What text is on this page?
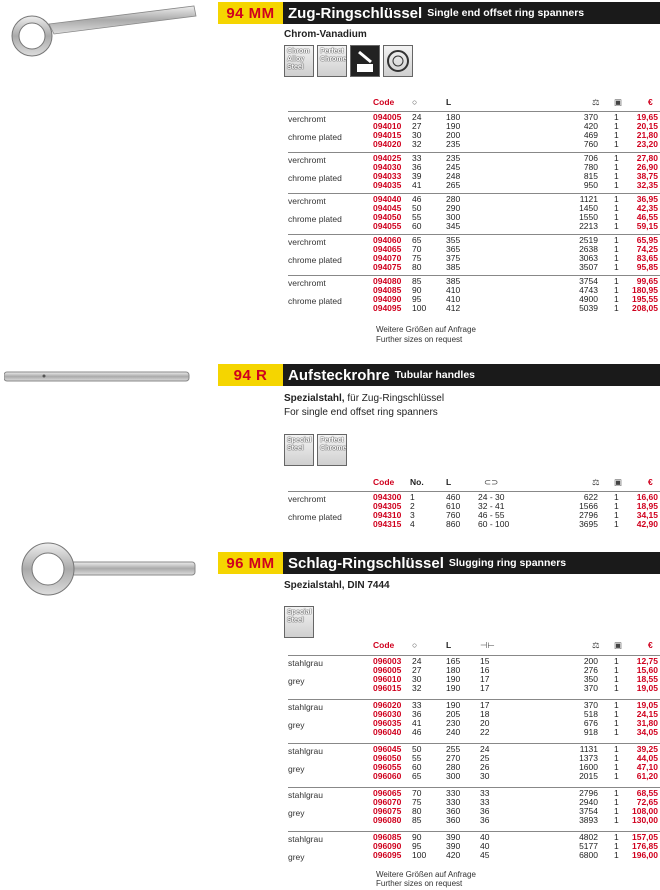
94 MM Zug-Ringschlüssel Single end offset ring spanners
Chrom-Vanadium
Chrom Alloy Steel
Perfect Chrome
Code ○	L	⚖ ▣	€
verchromt
chrome plated
094005 24	180	370 1	19,65
094010 27	190	420 1	20,15
094015 30	200	469 1	21,80
094020 32	235	760 1	23,20
verchromt
chrome plated
094025 33	235	706 1	27,80
094030 36	245	780 1	26,90
094033 39	248	815 1	38,75
094035 41	265	950 1	32,35
verchromt
chrome plated
094040 46	280	1121 1	36,95
094045 50	290	1450 1	42,35
094050 55	300	1550 1	46,55
094055 60	345	2213 1	59,15
verchromt
chrome plated
094060 65	355	2519 1	65,95
094065 70	365	2638 1	74,25
094070 75	375	3063 1	83,65
094075 80	385	3507 1	95,85
verchromt
chrome plated
094080 85	385	3754 1	99,65
094085 90	410	4743 1	180,95
094090 95	410	4900 1	195,55
094095 100 412	5039 1	208,05
Weitere Größen auf Anfrage
Further sizes on request
94 R	Aufsteckrohre Tubular handles
Spezialstahl, für Zug-Ringschlüssel
For single end offset ring spanners
Special Steel
Perfect Chrome
Code No.	L	⊂⊃	⚖ ▣	€
verchromt
chrome plated
094300 1	460 24 - 30	622 1	16,60
094305 2	610 32 - 41	1566 1	18,95
094310 3	760 46 - 55	2796 1	34,15
094315 4	860 60 - 100	3695 1	42,90
96 MM Schlag-Ringschlüssel Slugging ring spanners
Spezialstahl, DIN 7444
Special Steel
Code ○	L	⊣⊢	⚖ ▣	€
stahlgrau
grey
096003 24	165 15	200 1	12,75
096005 27	180 16	276 1	15,60
096010 30	190 17	350 1	18,55
096015 32	190 17	370 1	19,05
stahlgrau
grey
096020 33	190 17	370 1	19,05
096030 36	205 18	518 1	24,15
096035 41	230 20	676 1	31,80
096040 46	240 22	918 1	34,05
stahlgrau
grey
096045 50	255 24	1131 1	39,25
096050 55	270 25	1373 1	44,05
096055 60	280 26	1600 1	47,10
096060 65	300 30	2015 1	61,20
stahlgrau
grey
096065 70	330 33	2796 1	68,55
096070 75	330 33	2940 1	72,65
096075 80	360 36	3754 1	108,00
096080 85	360 36	3893 1	130,00
stahlgrau
grey
096085 90	390 40	4802 1	157,05
096090 95	390 40	5177 1	176,85
096095 100 420 45	6800 1	196,00
Weitere Größen auf Anfrage
Further sizes on request
